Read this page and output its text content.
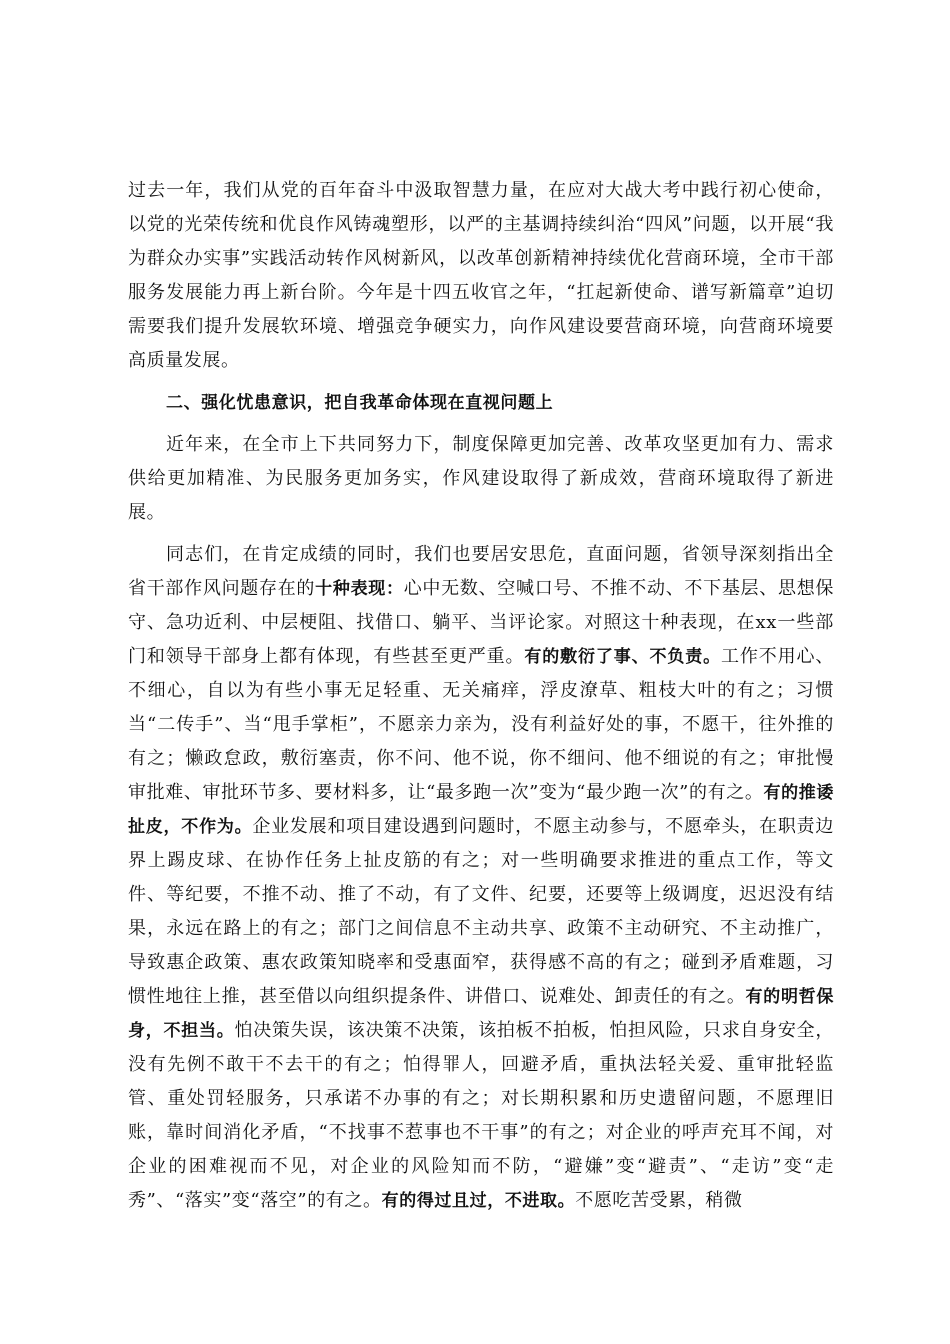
过去一年，我们从党的百年奋斗中汲取智慧力量，在应对大战大考中践行初心使命，以党的光荣传统和优良作风铸魂塑形，以严的主基调持续纠治“四风”问题，以开展“我为群众办实事”实践活动转作风树新风，以改革创新精神持续优化营商环境，全市干部服务发展能力再上新台阶。今年是十四五收官之年，“扛起新使命、谱写新篇章”迫切需要我们提升发展软环境、增强竞争硬实力，向作风建设要营商环境，向营商环境要高质量发展。

二、强化忧患意识，把自我革命体现在直视问题上

近年来，在全市上下共同努力下，制度保障更加完善、改革攻坚更加有力、需求供给更加精准、为民服务更加务实，作风建设取得了新成效，营商环境取得了新进展。

同志们，在肯定成绩的同时，我们也要居安思危，直面问题，省领导深刻指出全省干部作风问题存在的十种表现：心中无数、空喊口号、不推不动、不下基层、思想保守、急功近利、中层梗阻、找借口、躺平、当评论家。对照这十种表现，在xx一些部门和领导干部身上都有体现，有些甚至更严重。有的敷衍了事、不负责。工作不用心、不细心，自以为有些小事无足轻重、无关痛痒，浮皮潦草、粗枝大叶的有之；习惯当“二传手”、当“甩手掌柜”，不愿亲力亲为，没有利益好处的事，不愿干，往外推的有之；懒政怠政，敷衍塞责，你不问、他不说，你不细问、他不细说的有之；审批慢审批难、审批环节多、要材料多，让“最多跑一次”变为“最少跑一次”的有之。有的推诿扯皮，不作为。企业发展和项目建设遇到问题时，不愿主动参与，不愿牵头，在职责边界上踢皮球、在协作任务上扯皮筋的有之；对一些明确要求推进的重点工作，等文件、等纪要，不推不动、推了不动，有了文件、纪要，还要等上级调度，迟迟没有结果，永远在路上的有之；部门之间信息不主动共享、政策不主动研究、不主动推广，导致惠企政策、惠农政策知晓率和受惠面窄，获得感不高的有之；碰到矛盾难题，习惯性地往上推，甚至借以向组织提条件、讲借口、说难处、卸责任的有之。有的明哲保身，不担当。怕决策失误，该决策不决策，该拍板不拍板，怕担风险，只求自身安全，没有先例不敢干不去干的有之；怕得罪人，回避矛盾，重执法轻关爱、重审批轻监管、重处罚轻服务，只承诺不办事的有之；对长期积累和历史遗留问题，不愿理旧账，靠时间消化矛盾，“不找事不惹事也不干事”的有之；对企业的呼声充耳不闻，对企业的困难视而不见，对企业的风险知而不防，“避嫌”变“避责”、“走访”变“走秀”、“落实”变“落空”的有之。有的得过且过，不进取。不愿吃苦受累，稍微
